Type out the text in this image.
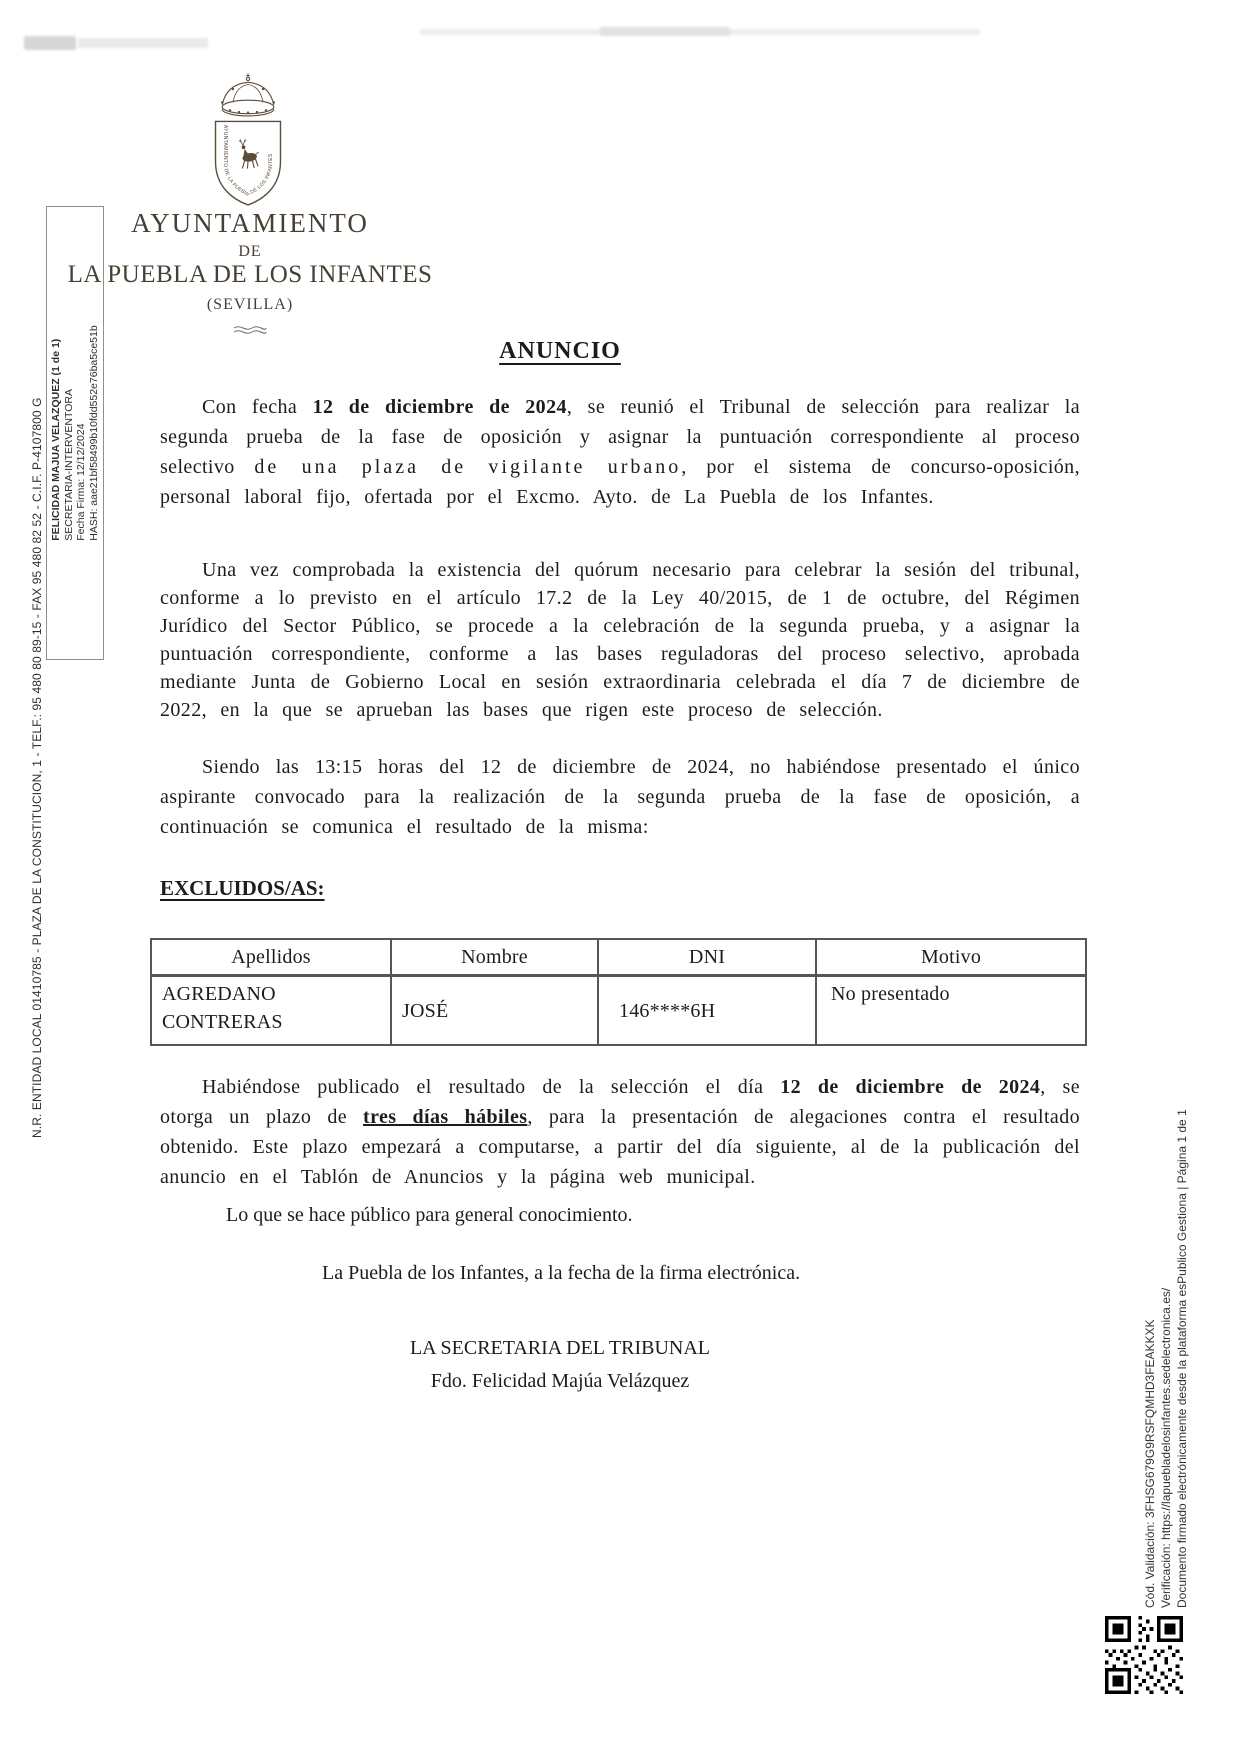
AYUNTAMIENTO DE LA PUEBLA DE LOS INFANTES
AYUNTAMIENTO
DE
LA PUEBLA DE LOS INFANTES
(SEVILLA)
FELICIDAD MAJUA VELAZQUEZ (1 de 1) SECRETARIA-INTERVENTORA Fecha Firma: 12/12/2024 HASH: aae21bf58499b10fdd552e76ba5ce51b
N.R. ENTIDAD LOCAL 01410785 - PLAZA DE LA CONSTITUCION, 1 - TELF.: 95 480 80 89-15 - FAX 95 480 82 52 - C.I.F. P-4107800 G
Cód. Validación: 3FHSG679G9RSFQMHD3FEAKKXK Verificación: https://lapuebladelosinfantes.sedelectronica.es/ Documento firmado electrónicamente desde la plataforma esPublico Gestiona | Página 1 de 1
ANUNCIO

Con fecha 12 de diciembre de 2024, se reunió el Tribunal de selección para realizar la segunda prueba de la fase de oposición y asignar la puntuación correspondiente al proceso selectivo de una plaza de vigilante urbano, por el sistema de concurso-oposición, personal laboral fijo, ofertada por el Excmo. Ayto. de La Puebla de los Infantes.

Una vez comprobada la existencia del quórum necesario para celebrar la sesión del tribunal, conforme a lo previsto en el artículo 17.2 de la Ley 40/2015, de 1 de octubre, del Régimen Jurídico del Sector Público, se procede a la celebración de la segunda prueba, y a asignar la puntuación correspondiente, conforme a las bases reguladoras del proceso selectivo, aprobada mediante Junta de Gobierno Local en sesión extraordinaria celebrada el día 7 de diciembre de 2022, en la que se aprueban las bases que rigen este proceso de selección.

Siendo las 13:15 horas del 12 de diciembre de 2024, no habiéndose presentado el único aspirante convocado para la realización de la segunda prueba de la fase de oposición, a continuación se comunica el resultado de la misma:

EXCLUIDOS/AS:
Apellidos	Nombre	DNI	Motivo
AGREDANO CONTRERAS	JOSÉ	146****6H	No presentado

Habiéndose publicado el resultado de la selección el día 12 de diciembre de 2024, se otorga un plazo de tres días hábiles, para la presentación de alegaciones contra el resultado obtenido. Este plazo empezará a computarse, a partir del día siguiente, al de la publicación del anuncio en el Tablón de Anuncios y la página web municipal.

Lo que se hace público para general conocimiento.
La Puebla de los Infantes, a la fecha de la firma electrónica.
LA SECRETARIA DEL TRIBUNAL
Fdo. Felicidad Majúa Velázquez
